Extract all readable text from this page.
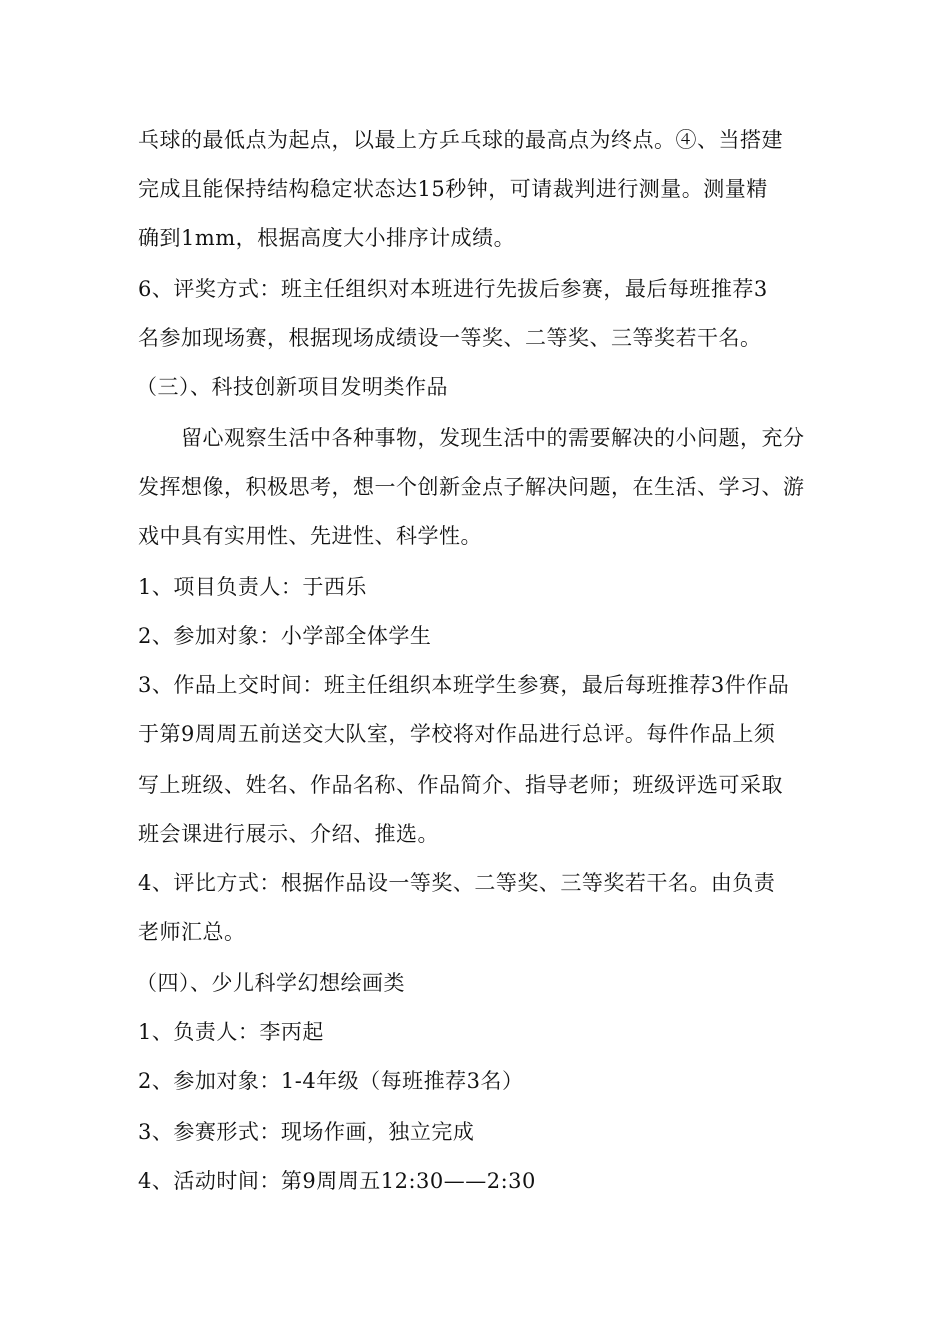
乓球的最低点为起点，以最上方乒乓球的最高点为终点。④、当搭建
完成且能保持结构稳定状态达15秒钟，可请裁判进行测量。测量精
确到1mm，根据高度大小排序计成绩。
6、评奖方式：班主任组织对本班进行先拔后参赛，最后每班推荐3
名参加现场赛，根据现场成绩设一等奖、二等奖、三等奖若干名。
（三）、科技创新项目发明类作品
留心观察生活中各种事物，发现生活中的需要解决的小问题，充分
发挥想像，积极思考，想一个创新金点子解决问题，在生活、学习、游
戏中具有实用性、先进性、科学性。
1、项目负责人：于西乐
2、参加对象：小学部全体学生
3、作品上交时间：班主任组织本班学生参赛，最后每班推荐3件作品
于第9周周五前送交大队室，学校将对作品进行总评。每件作品上须
写上班级、姓名、作品名称、作品简介、指导老师；班级评选可采取
班会课进行展示、介绍、推选。
4、评比方式：根据作品设一等奖、二等奖、三等奖若干名。由负责
老师汇总。
（四）、少儿科学幻想绘画类
1、负责人：李丙起
2、参加对象：1-4年级（每班推荐3名）
3、参赛形式：现场作画，独立完成
4、活动时间：第9周周五12:30——2:30
